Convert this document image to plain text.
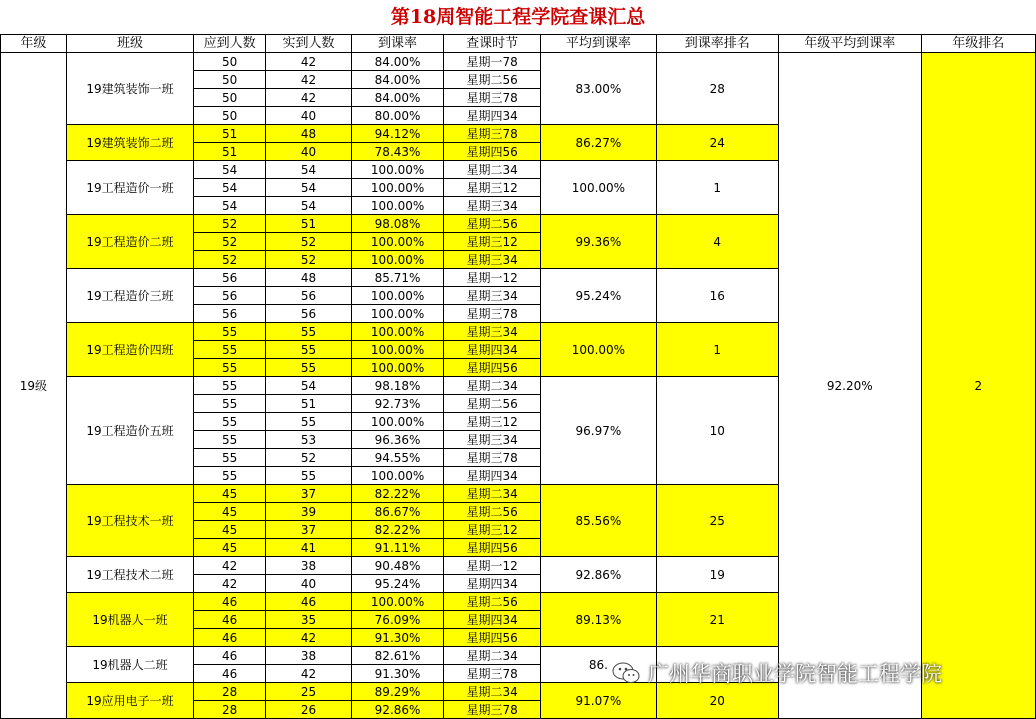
第18周智能工程学院查课汇总
年级	班级	应到人数	实到人数	到课率	查课时节	平均到课率	到课率排名	年级平均到课率	年级排名
19级	19建筑装饰一班	50	42	84.00%	星期一78	83.00%	28	92.20%	2
		50	42	84.00%	星期二56				
		50	42	84.00%	星期三78				
		50	40	80.00%	星期四34				
	19建筑装饰二班	51	48	94.12%	星期三78	86.27%	24		
		51	40	78.43%	星期四56				
	19工程造价一班	54	54	100.00%	星期二34	100.00%	1		
		54	54	100.00%	星期三12				
		54	54	100.00%	星期三34				
	19工程造价二班	52	51	98.08%	星期二56	99.36%	4		
		52	52	100.00%	星期三12				
		52	52	100.00%	星期三34				
	19工程造价三班	56	48	85.71%	星期一12	95.24%	16		
		56	56	100.00%	星期三34				
		56	56	100.00%	星期三78				
	19工程造价四班	55	55	100.00%	星期三34	100.00%	1		
		55	55	100.00%	星期四34				
		55	55	100.00%	星期四56				
	19工程造价五班	55	54	98.18%	星期二34	96.97%	10		
		55	51	92.73%	星期二56				
		55	55	100.00%	星期三12				
		55	53	96.36%	星期三34				
		55	52	94.55%	星期三78				
		55	55	100.00%	星期四34				
	19工程技术一班	45	37	82.22%	星期二34	85.56%	25		
		45	39	86.67%	星期二56				
		45	37	82.22%	星期三12				
		45	41	91.11%	星期四56				
	19工程技术二班	42	38	90.48%	星期一12	92.86%	19		
		42	40	95.24%	星期四34				
	19机器人一班	46	46	100.00%	星期二56	89.13%	21		
		46	35	76.09%	星期四34				
		46	42	91.30%	星期四56				
	19机器人二班	46	38	82.61%	星期二34	86.			
		46	42	91.30%	星期三78				
	19应用电子一班	28	25	89.29%	星期二34	91.07%	20		
		28	26	92.86%	星期三78				
广州华商职业学院智能工程学院
